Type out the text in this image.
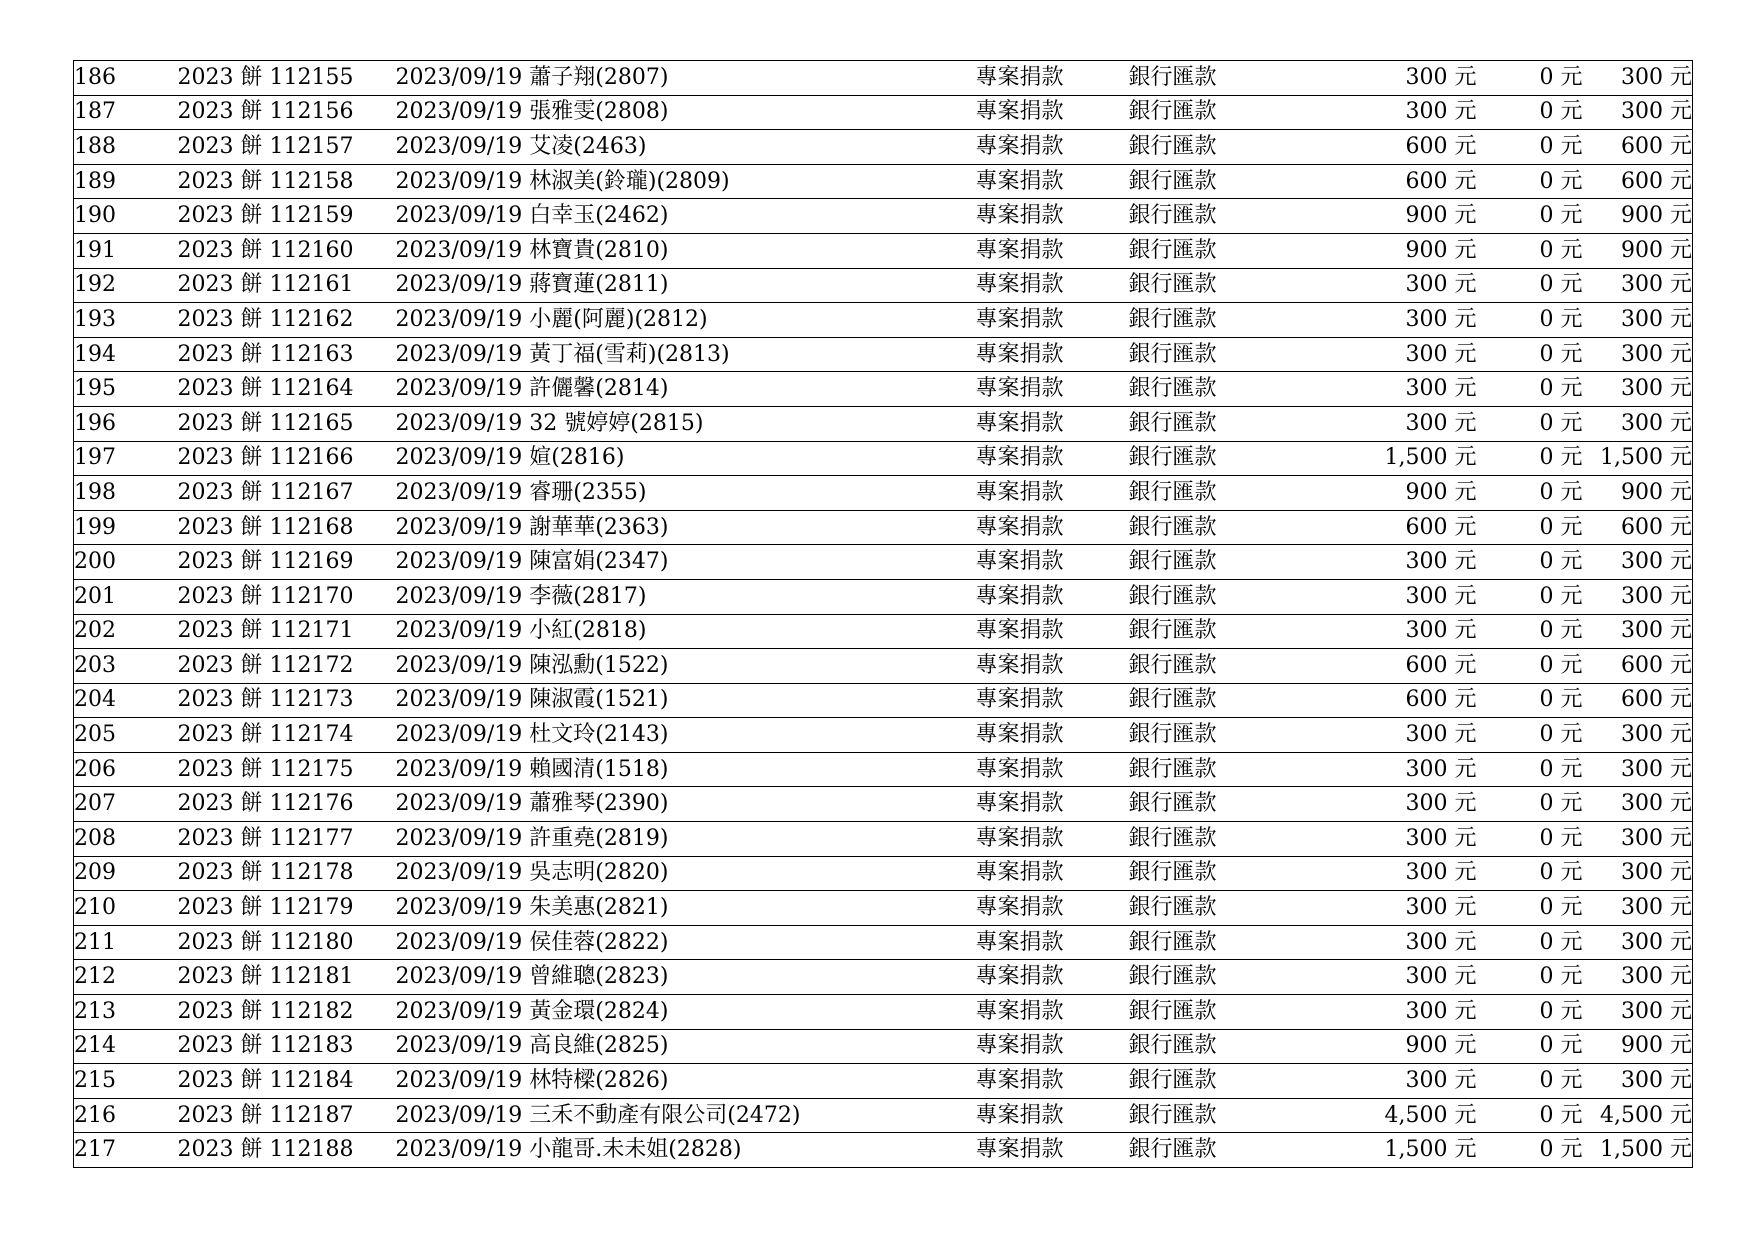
186	2023 餅 112155	2023/09/19 蕭子翔(2807)	專案捐款	銀行匯款	300 元	0 元	300 元
187	2023 餅 112156	2023/09/19 張雅雯(2808)	專案捐款	銀行匯款	300 元	0 元	300 元
188	2023 餅 112157	2023/09/19 艾凌(2463)	專案捐款	銀行匯款	600 元	0 元	600 元
189	2023 餅 112158	2023/09/19 林淑美(鈴瓏)(2809)	專案捐款	銀行匯款	600 元	0 元	600 元
190	2023 餅 112159	2023/09/19 白幸玉(2462)	專案捐款	銀行匯款	900 元	0 元	900 元
191	2023 餅 112160	2023/09/19 林寶貴(2810)	專案捐款	銀行匯款	900 元	0 元	900 元
192	2023 餅 112161	2023/09/19 蔣寶蓮(2811)	專案捐款	銀行匯款	300 元	0 元	300 元
193	2023 餅 112162	2023/09/19 小麗(阿麗)(2812)	專案捐款	銀行匯款	300 元	0 元	300 元
194	2023 餅 112163	2023/09/19 黃丁福(雪莉)(2813)	專案捐款	銀行匯款	300 元	0 元	300 元
195	2023 餅 112164	2023/09/19 許儷馨(2814)	專案捐款	銀行匯款	300 元	0 元	300 元
196	2023 餅 112165	2023/09/19 32 號婷婷(2815)	專案捐款	銀行匯款	300 元	0 元	300 元
197	2023 餅 112166	2023/09/19 媗(2816)	專案捐款	銀行匯款	1,500 元	0 元	1,500 元
198	2023 餅 112167	2023/09/19 睿珊(2355)	專案捐款	銀行匯款	900 元	0 元	900 元
199	2023 餅 112168	2023/09/19 謝華華(2363)	專案捐款	銀行匯款	600 元	0 元	600 元
200	2023 餅 112169	2023/09/19 陳富娟(2347)	專案捐款	銀行匯款	300 元	0 元	300 元
201	2023 餅 112170	2023/09/19 李薇(2817)	專案捐款	銀行匯款	300 元	0 元	300 元
202	2023 餅 112171	2023/09/19 小紅(2818)	專案捐款	銀行匯款	300 元	0 元	300 元
203	2023 餅 112172	2023/09/19 陳泓勳(1522)	專案捐款	銀行匯款	600 元	0 元	600 元
204	2023 餅 112173	2023/09/19 陳淑霞(1521)	專案捐款	銀行匯款	600 元	0 元	600 元
205	2023 餅 112174	2023/09/19 杜文玲(2143)	專案捐款	銀行匯款	300 元	0 元	300 元
206	2023 餅 112175	2023/09/19 賴國清(1518)	專案捐款	銀行匯款	300 元	0 元	300 元
207	2023 餅 112176	2023/09/19 蕭雅琴(2390)	專案捐款	銀行匯款	300 元	0 元	300 元
208	2023 餅 112177	2023/09/19 許重堯(2819)	專案捐款	銀行匯款	300 元	0 元	300 元
209	2023 餅 112178	2023/09/19 吳志明(2820)	專案捐款	銀行匯款	300 元	0 元	300 元
210	2023 餅 112179	2023/09/19 朱美惠(2821)	專案捐款	銀行匯款	300 元	0 元	300 元
211	2023 餅 112180	2023/09/19 侯佳蓉(2822)	專案捐款	銀行匯款	300 元	0 元	300 元
212	2023 餅 112181	2023/09/19 曾維聰(2823)	專案捐款	銀行匯款	300 元	0 元	300 元
213	2023 餅 112182	2023/09/19 黃金環(2824)	專案捐款	銀行匯款	300 元	0 元	300 元
214	2023 餅 112183	2023/09/19 高良維(2825)	專案捐款	銀行匯款	900 元	0 元	900 元
215	2023 餅 112184	2023/09/19 林特樑(2826)	專案捐款	銀行匯款	300 元	0 元	300 元
216	2023 餅 112187	2023/09/19 三禾不動產有限公司(2472)	專案捐款	銀行匯款	4,500 元	0 元	4,500 元
217	2023 餅 112188	2023/09/19 小龍哥.未未姐(2828)	專案捐款	銀行匯款	1,500 元	0 元	1,500 元
